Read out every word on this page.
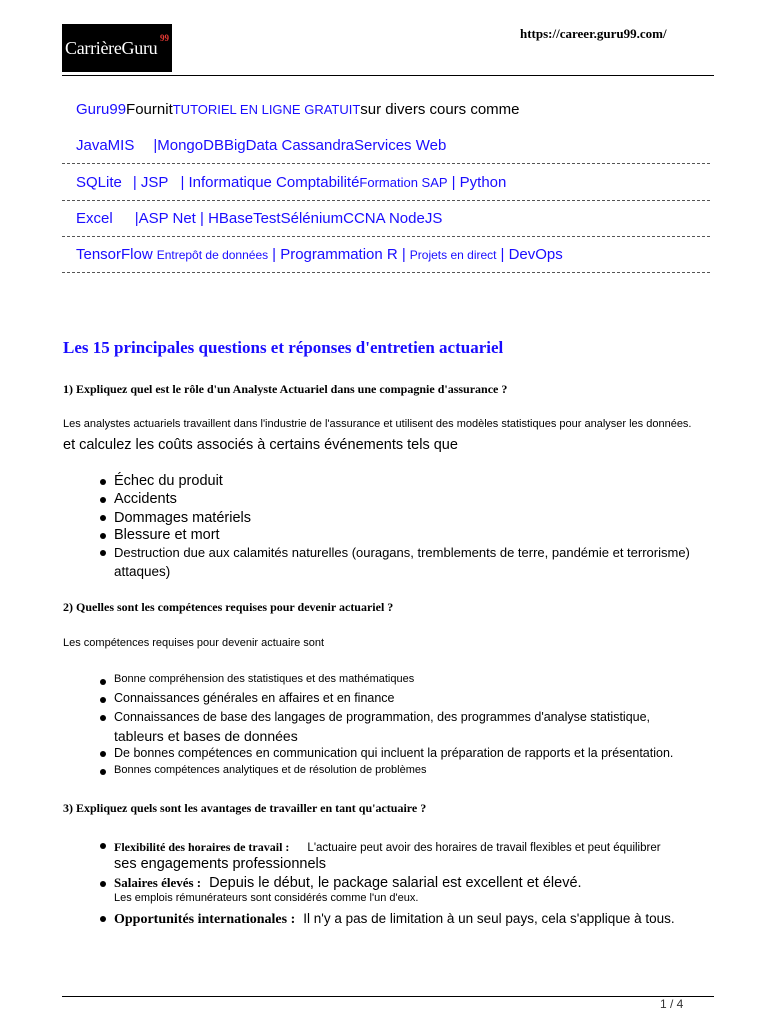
CarrièreGuru 99	https://career.guru99.com/
Guru99FournitTUTORIEL EN LIGNE GRATUITsur divers cours comme
JavaMIS |MongoDBBigData CassandraServices Web
SQLite | JSP | Informatique ComptabilitéFormation SAP | Python
Excel |ASP Net | HBaseTestSéléniumCCNA NodeJS
TensorFlow Entrepôt de données | Programmation R | Projets en direct | DevOps
Les 15 principales questions et réponses d'entretien actuariel
1) Expliquez quel est le rôle d'un Analyste Actuariel dans une compagnie d'assurance ?
Les analystes actuariels travaillent dans l'industrie de l'assurance et utilisent des modèles statistiques pour analyser les données.
et calculez les coûts associés à certains événements tels que
Échec du produit
Accidents
Dommages matériels
Blessure et mort
Destruction due aux calamités naturelles (ouragans, tremblements de terre, pandémie et terrorisme)
attaques)
2) Quelles sont les compétences requises pour devenir actuariel ?
Les compétences requises pour devenir actuaire sont
Bonne compréhension des statistiques et des mathématiques
Connaissances générales en affaires et en finance
Connaissances de base des langages de programmation, des programmes d'analyse statistique,
tableurs et bases de données
De bonnes compétences en communication qui incluent la préparation de rapports et la présentation.
Bonnes compétences analytiques et de résolution de problèmes
3) Expliquez quels sont les avantages de travailler en tant qu'actuaire ?
Flexibilité des horaires de travail : L'actuaire peut avoir des horaires de travail flexibles et peut équilibrer
ses engagements professionnels
Salaires élevés : Depuis le début, le package salarial est excellent et élevé.
Les emplois rémunérateurs sont considérés comme l'un d'eux.
Opportunités internationales : Il n'y a pas de limitation à un seul pays, cela s'applique à tous.
1 / 4
